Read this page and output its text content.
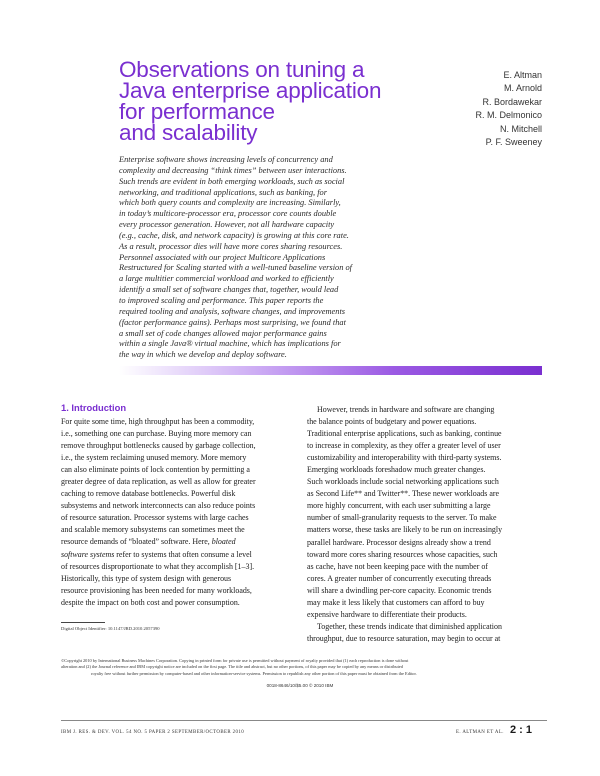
Observations on tuning a
Java enterprise application
for performance
and scalability
E. Altman
M. Arnold
R. Bordawekar
R. M. Delmonico
N. Mitchell
P. F. Sweeney
Enterprise software shows increasing levels of concurrency and
complexity and decreasing “think times” between user interactions.
Such trends are evident in both emerging workloads, such as social
networking, and traditional applications, such as banking, for
which both query counts and complexity are increasing. Similarly,
in today’s multicore-processor era, processor core counts double
every processor generation. However, not all hardware capacity
(e.g., cache, disk, and network capacity) is growing at this core rate.
As a result, processor dies will have more cores sharing resources.
Personnel associated with our project Multicore Applications
Restructured for Scaling started with a well-tuned baseline version of
a large multitier commercial workload and worked to efficiently
identify a small set of software changes that, together, would lead
to improved scaling and performance. This paper reports the
required tooling and analysis, software changes, and improvements
(factor performance gains). Perhaps most surprising, we found that
a small set of code changes allowed major performance gains
within a single Java® virtual machine, which has implications for
the way in which we develop and deploy software.
1. Introduction
For quite some time, high throughput has been a commodity,
i.e., something one can purchase. Buying more memory can
remove throughput bottlenecks caused by garbage collection,
i.e., the system reclaiming unused memory. More memory
can also eliminate points of lock contention by permitting a
greater degree of data replication, as well as allow for greater
caching to remove database bottlenecks. Powerful disk
subsystems and network interconnects can also reduce points
of resource saturation. Processor systems with large caches
and scalable memory subsystems can sometimes meet the
resource demands of “bloated” software. Here, bloated
software systems refer to systems that often consume a level
of resources disproportionate to what they accomplish [1–3].
Historically, this type of system design with generous
resource provisioning has been needed for many workloads,
despite the impact on both cost and power consumption.
However, trends in hardware and software are changing
the balance points of budgetary and power equations.
Traditional enterprise applications, such as banking, continue
to increase in complexity, as they offer a greater level of user
customizability and interoperability with third-party systems.
Emerging workloads foreshadow much greater changes.
Such workloads include social networking applications such
as Second Life** and Twitter**. These newer workloads are
more highly concurrent, with each user submitting a large
number of small-granularity requests to the server. To make
matters worse, these tasks are likely to be run on increasingly
parallel hardware. Processor designs already show a trend
toward more cores sharing resources whose capacities, such
as cache, have not been keeping pace with the number of
cores. A greater number of concurrently executing threads
will share a dwindling per-core capacity. Economic trends
may make it less likely that customers can afford to buy
expensive hardware to differentiate their products.
Together, these trends indicate that diminished application
throughput, due to resource saturation, may begin to occur at
Digital Object Identifier: 10.1147/JRD.2010.2057390
©Copyright 2010 by International Business Machines Corporation. Copying in printed form for private use is permitted without payment of royalty provided that (1) each reproduction is done without
alteration and (2) the Journal reference and IBM copyright notice are included on the first page. The title and abstract, but no other portions, of this paper may be copied by any means or distributed
royalty free without further permission by computer-based and other information-service systems. Permission to republish any other portion of this paper must be obtained from the Editor.
0018-8646/10/$5.00 © 2010 IBM
IBM J. RES. & DEV. VOL. 54 NO. 5 PAPER 2 SEPTEMBER/OCTOBER 2010	E. ALTMAN ET AL. 2 : 1
